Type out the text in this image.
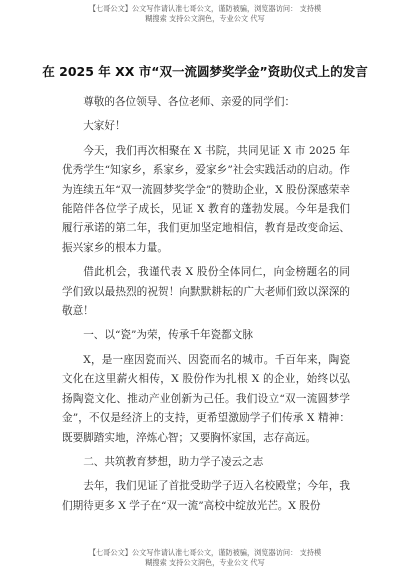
【七哥公文】公文写作请认准七哥公文，谨防被骗，浏览器访问： 支持模
糊搜索 支持公文润色，专业公文 代写
在 2025 年 XX 市“双一流圆梦奖学金”资助仪式上的发言

尊敬的各位领导、各位老师、亲爱的同学们：

大家好！

今天，我们再次相聚在 X 书院，共同见证 X 市 2025 年优秀学生“知家乡，系家乡，爱家乡”社会实践活动的启动。作为连续五年“双一流圆梦奖学金”的赞助企业，X 股份深感荣幸能陪伴各位学子成长，见证 X 教育的蓬勃发展。今年是我们履行承诺的第二年，我们更加坚定地相信，教育是改变命运、振兴家乡的根本力量。

借此机会，我谨代表 X 股份全体同仁，向金榜题名的同学们致以最热烈的祝贺！向默默耕耘的广大老师们致以深深的敬意！

一、以“瓷”为荣，传承千年瓷都文脉

X，是一座因瓷而兴、因瓷而名的城市。千百年来，陶瓷文化在这里薪火相传，X 股份作为扎根 X 的企业，始终以弘扬陶瓷文化、推动产业创新为己任。我们设立“双一流圆梦学金”，不仅是经济上的支持，更希望激励学子们传承 X 精神：既要脚踏实地，淬炼心智；又要胸怀家国，志存高远。

二、共筑教育梦想，助力学子凌云之志

去年，我们见证了首批受助学子迈入名校殿堂；今年，我们期待更多 X 学子在“双一流”高校中绽放光芒。X 股份

【七哥公文】公文写作请认准七哥公文，谨防被骗，浏览器访问： 支持模
糊搜索 支持公文润色，专业公文 代写
